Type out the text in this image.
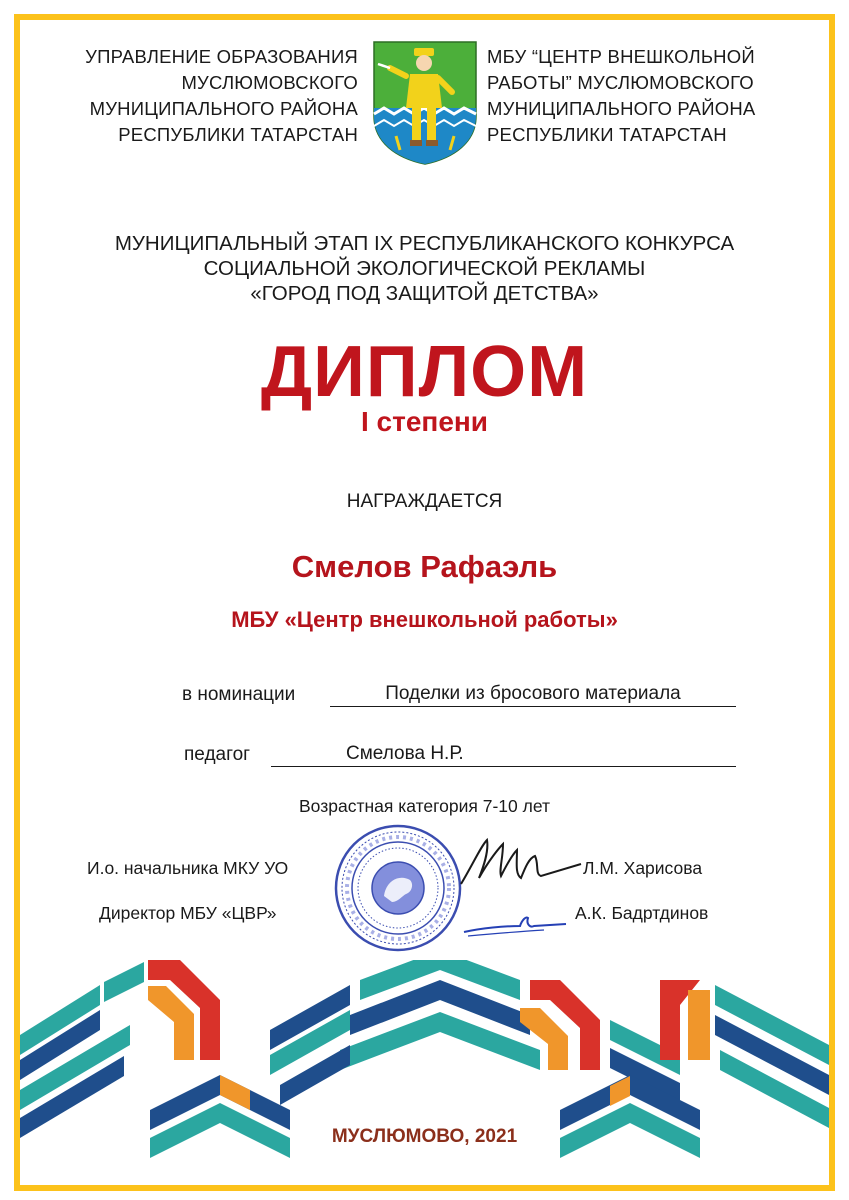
УПРАВЛЕНИЕ ОБРАЗОВАНИЯ
МУСЛЮМОВСКОГО
МУНИЦИПАЛЬНОГО РАЙОНА
РЕСПУБЛИКИ ТАТАРСТАН
МБУ “ЦЕНТР ВНЕШКОЛЬНОЙ
РАБОТЫ” МУСЛЮМОВСКОГО
МУНИЦИПАЛЬНОГО РАЙОНА
РЕСПУБЛИКИ ТАТАРСТАН
МУНИЦИПАЛЬНЫЙ ЭТАП IX РЕСПУБЛИКАНСКОГО КОНКУРСА
СОЦИАЛЬНОЙ ЭКОЛОГИЧЕСКОЙ РЕКЛАМЫ
«ГОРОД ПОД ЗАЩИТОЙ ДЕТСТВА»
ДИПЛОМ
I степени
НАГРАЖДАЕТСЯ
Смелов Рафаэль
МБУ «Центр внешкольной работы»
в номинации	Поделки из бросового материала
педагог	Смелова Н.Р.
Возрастная категория 7-10 лет
И.о. начальника МКУ УО	Л.М. Харисова
Директор МБУ «ЦВР»	А.К. Бадртдинов
МУСЛЮМОВО, 2021
